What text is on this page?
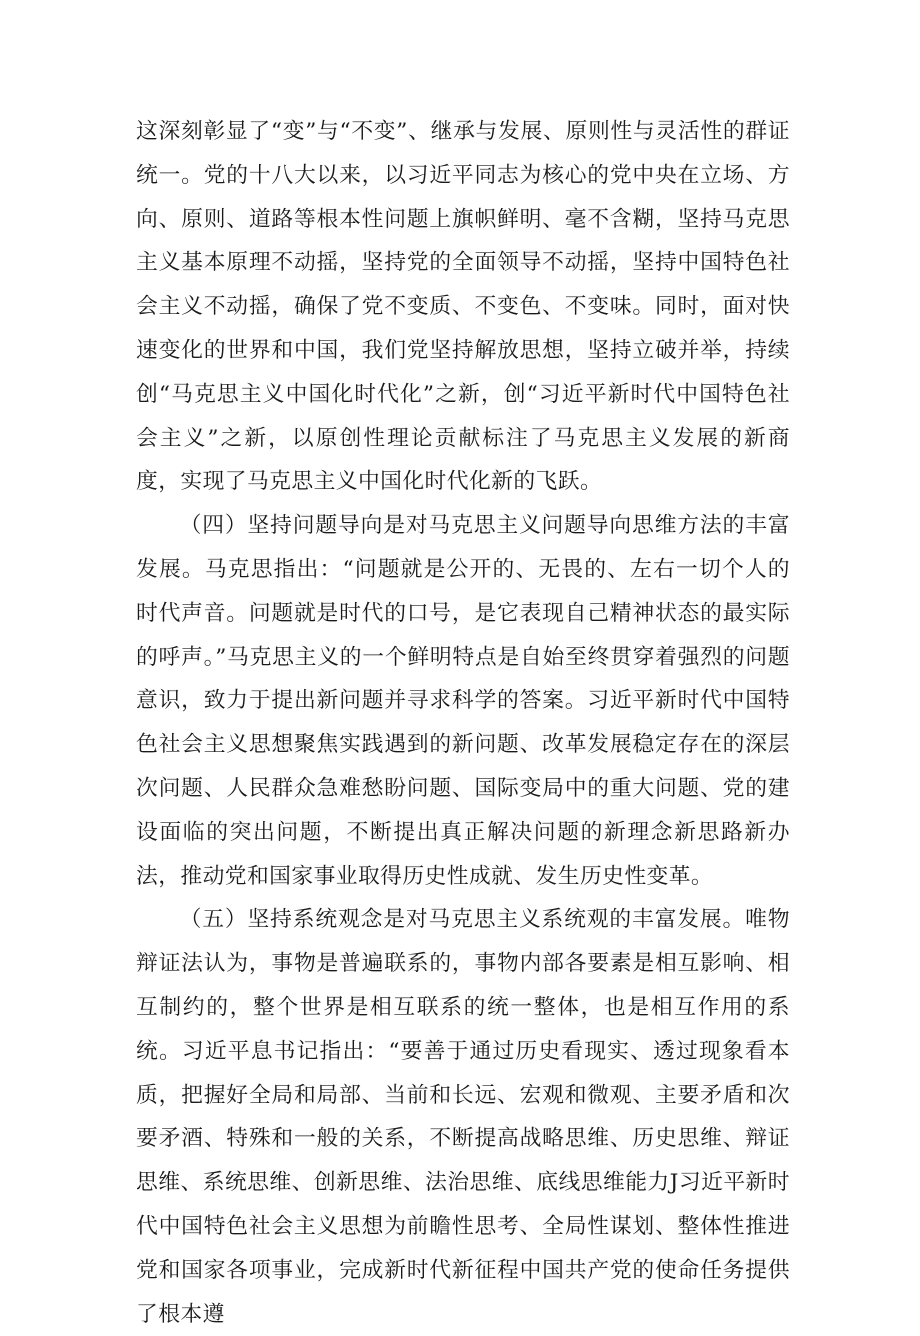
这深刻彰显了“变”与“不变”、继承与发展、原则性与灵活性的群证统一。党的十八大以来，以习近平同志为核心的党中央在立场、方向、原则、道路等根本性问题上旗帜鲜明、毫不含糊，坚持马克思主义基本原理不动摇，坚持党的全面领导不动摇，坚持中国特色社会主义不动摇，确保了党不变质、不变色、不变味。同时，面对快速变化的世界和中国，我们党坚持解放思想，坚持立破并举，持续创“马克思主义中国化时代化”之新，创“习近平新时代中国特色社会主义”之新，以原创性理论贡献标注了马克思主义发展的新商度，实现了马克思主义中国化时代化新的飞跃。

（四）坚持问题导向是对马克思主义问题导向思维方法的丰富发展。马克思指出：“问题就是公开的、无畏的、左右一切个人的时代声音。问题就是时代的口号，是它表现自己精神状态的最实际的呼声。”马克思主义的一个鲜明特点是自始至终贯穿着强烈的问题意识，致力于提出新问题并寻求科学的答案。习近平新时代中国特色社会主义思想聚焦实践遇到的新问题、改革发展稳定存在的深层次问题、人民群众急难愁盼问题、国际变局中的重大问题、党的建设面临的突出问题，不断提出真正解决问题的新理念新思路新办法，推动党和国家事业取得历史性成就、发生历史性变革。

（五）坚持系统观念是对马克思主义系统观的丰富发展。唯物辩证法认为，事物是普遍联系的，事物内部各要素是相互影响、相互制约的，整个世界是相互联系的统一整体，也是相互作用的系统。习近平息书记指出：“要善于通过历史看现实、透过现象看本质，把握好全局和局部、当前和长远、宏观和微观、主要矛盾和次要矛酒、特殊和一般的关系，不断提高战略思维、历史思维、辩证思维、系统思维、创新思维、法治思维、底线思维能力J习近平新时代中国特色社会主义思想为前瞻性思考、全局性谋划、整体性推进党和国家各项事业，完成新时代新征程中国共产党的使命任务提供了根本遵
